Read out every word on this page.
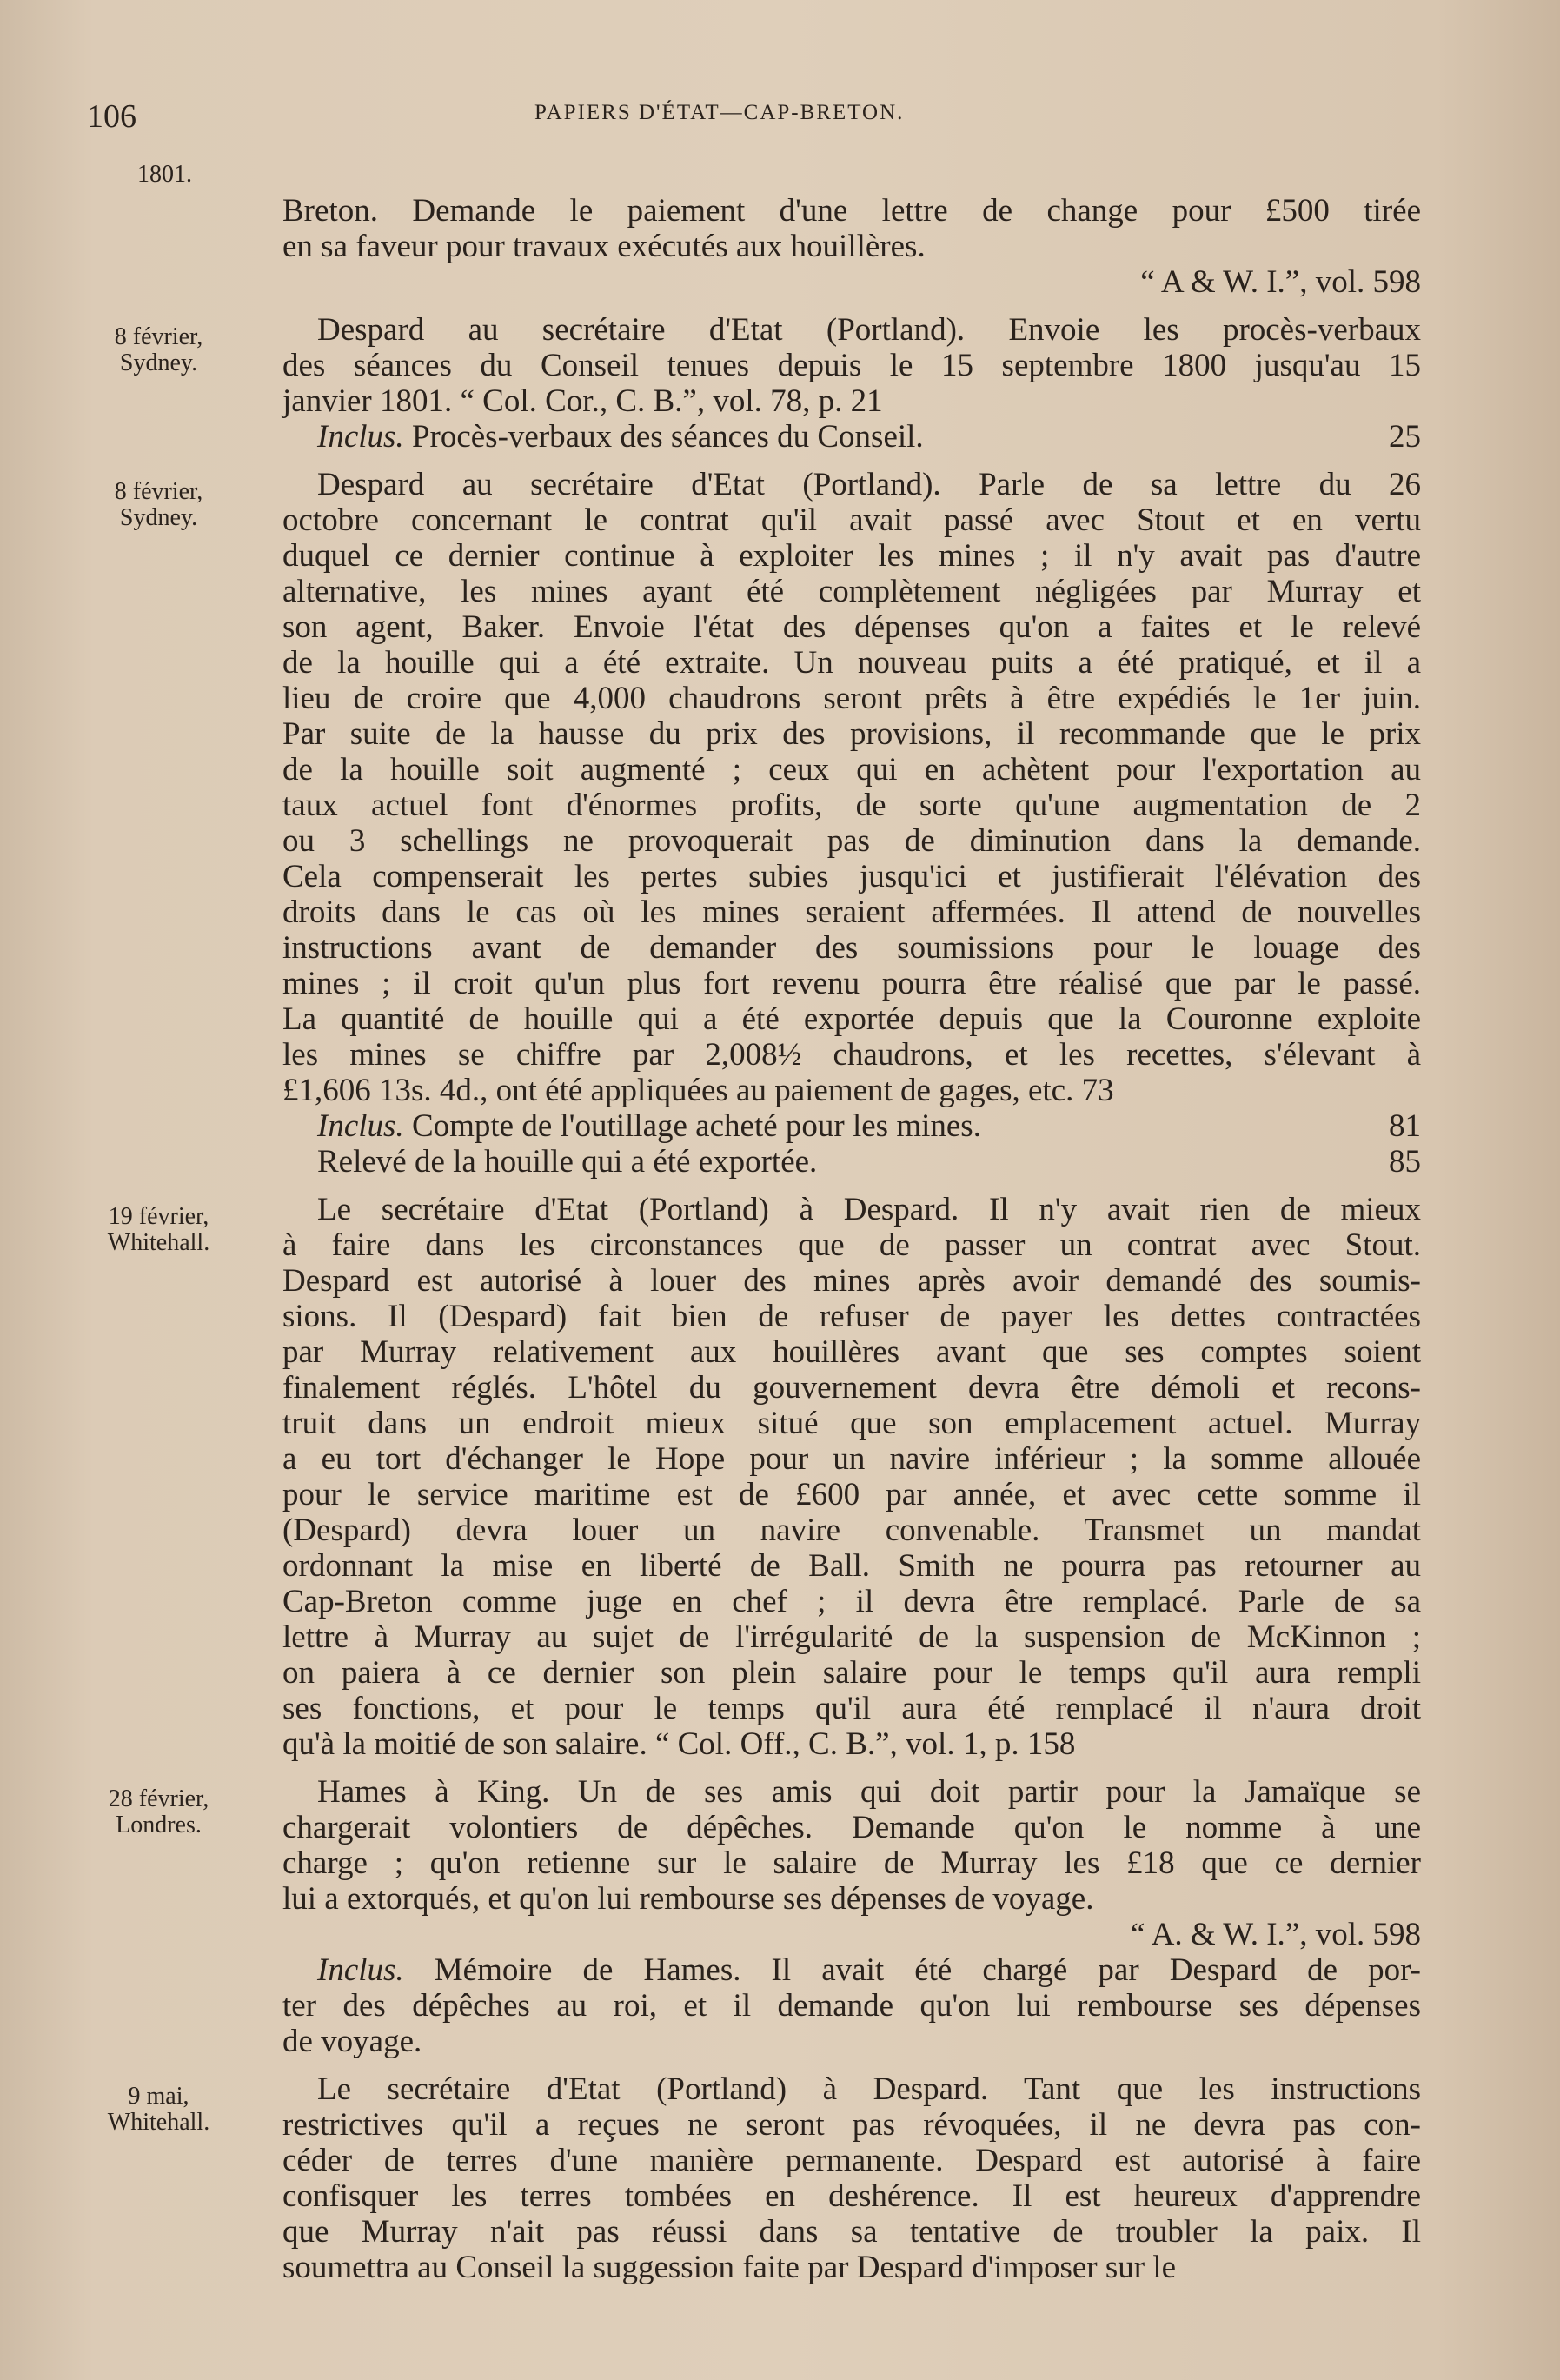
106	PAPIERS D'ÉTAT—CAP-BRETON.
1801.
Breton. Demande le paiement d'une lettre de change pour £500 tirée
en sa faveur pour travaux exécutés aux houillères.
“ A & W. I.”, vol. 598
8 février,
Sydney.
Despard au secrétaire d'Etat (Portland). Envoie les procès-verbaux
des séances du Conseil tenues depuis le 15 septembre 1800 jusqu'au 15
janvier 1801. “ Col. Cor., C. B.”, vol. 78, p. 21
Inclus. Procès-verbaux des séances du Conseil.	25
8 février,
Sydney.
Despard au secrétaire d'Etat (Portland). Parle de sa lettre du 26
octobre concernant le contrat qu'il avait passé avec Stout et en vertu
duquel ce dernier continue à exploiter les mines ; il n'y avait pas d'autre
alternative, les mines ayant été complètement négligées par Murray et
son agent, Baker. Envoie l'état des dépenses qu'on a faites et le relevé
de la houille qui a été extraite. Un nouveau puits a été pratiqué, et il a
lieu de croire que 4,000 chaudrons seront prêts à être expédiés le 1er juin.
Par suite de la hausse du prix des provisions, il recommande que le prix
de la houille soit augmenté ; ceux qui en achètent pour l'exportation au
taux actuel font d'énormes profits, de sorte qu'une augmentation de 2
ou 3 schellings ne provoquerait pas de diminution dans la demande.
Cela compenserait les pertes subies jusqu'ici et justifierait l'élévation des
droits dans le cas où les mines seraient affermées. Il attend de nouvelles
instructions avant de demander des soumissions pour le louage des
mines ; il croit qu'un plus fort revenu pourra être réalisé que par le passé.
La quantité de houille qui a été exportée depuis que la Couronne exploite
les mines se chiffre par 2,008½ chaudrons, et les recettes, s'élevant à
£1,606 13s. 4d., ont été appliquées au paiement de gages, etc. 73
Inclus. Compte de l'outillage acheté pour les mines.	81
Relevé de la houille qui a été exportée.	85
19 février,
Whitehall.
Le secrétaire d'Etat (Portland) à Despard. Il n'y avait rien de mieux
à faire dans les circonstances que de passer un contrat avec Stout.
Despard est autorisé à louer des mines après avoir demandé des soumis-
sions. Il (Despard) fait bien de refuser de payer les dettes contractées
par Murray relativement aux houillères avant que ses comptes soient
finalement réglés. L'hôtel du gouvernement devra être démoli et recons-
truit dans un endroit mieux situé que son emplacement actuel. Murray
a eu tort d'échanger le Hope pour un navire inférieur ; la somme allouée
pour le service maritime est de £600 par année, et avec cette somme il
(Despard) devra louer un navire convenable. Transmet un mandat
ordonnant la mise en liberté de Ball. Smith ne pourra pas retourner au
Cap-Breton comme juge en chef ; il devra être remplacé. Parle de sa
lettre à Murray au sujet de l'irrégularité de la suspension de McKinnon ;
on paiera à ce dernier son plein salaire pour le temps qu'il aura rempli
ses fonctions, et pour le temps qu'il aura été remplacé il n'aura droit
qu'à la moitié de son salaire. “ Col. Off., C. B.”, vol. 1, p. 158
28 février,
Londres.
Hames à King. Un de ses amis qui doit partir pour la Jamaïque se
chargerait volontiers de dépêches. Demande qu'on le nomme à une
charge ; qu'on retienne sur le salaire de Murray les £18 que ce dernier
lui a extorqués, et qu'on lui rembourse ses dépenses de voyage.
“ A. & W. I.”, vol. 598
Inclus. Mémoire de Hames. Il avait été chargé par Despard de por-
ter des dépêches au roi, et il demande qu'on lui rembourse ses dépenses
de voyage.
9 mai,
Whitehall.
Le secrétaire d'Etat (Portland) à Despard. Tant que les instructions
restrictives qu'il a reçues ne seront pas révoquées, il ne devra pas con-
céder de terres d'une manière permanente. Despard est autorisé à faire
confisquer les terres tombées en deshérence. Il est heureux d'apprendre
que Murray n'ait pas réussi dans sa tentative de troubler la paix. Il
soumettra au Conseil la suggession faite par Despard d'imposer sur le
